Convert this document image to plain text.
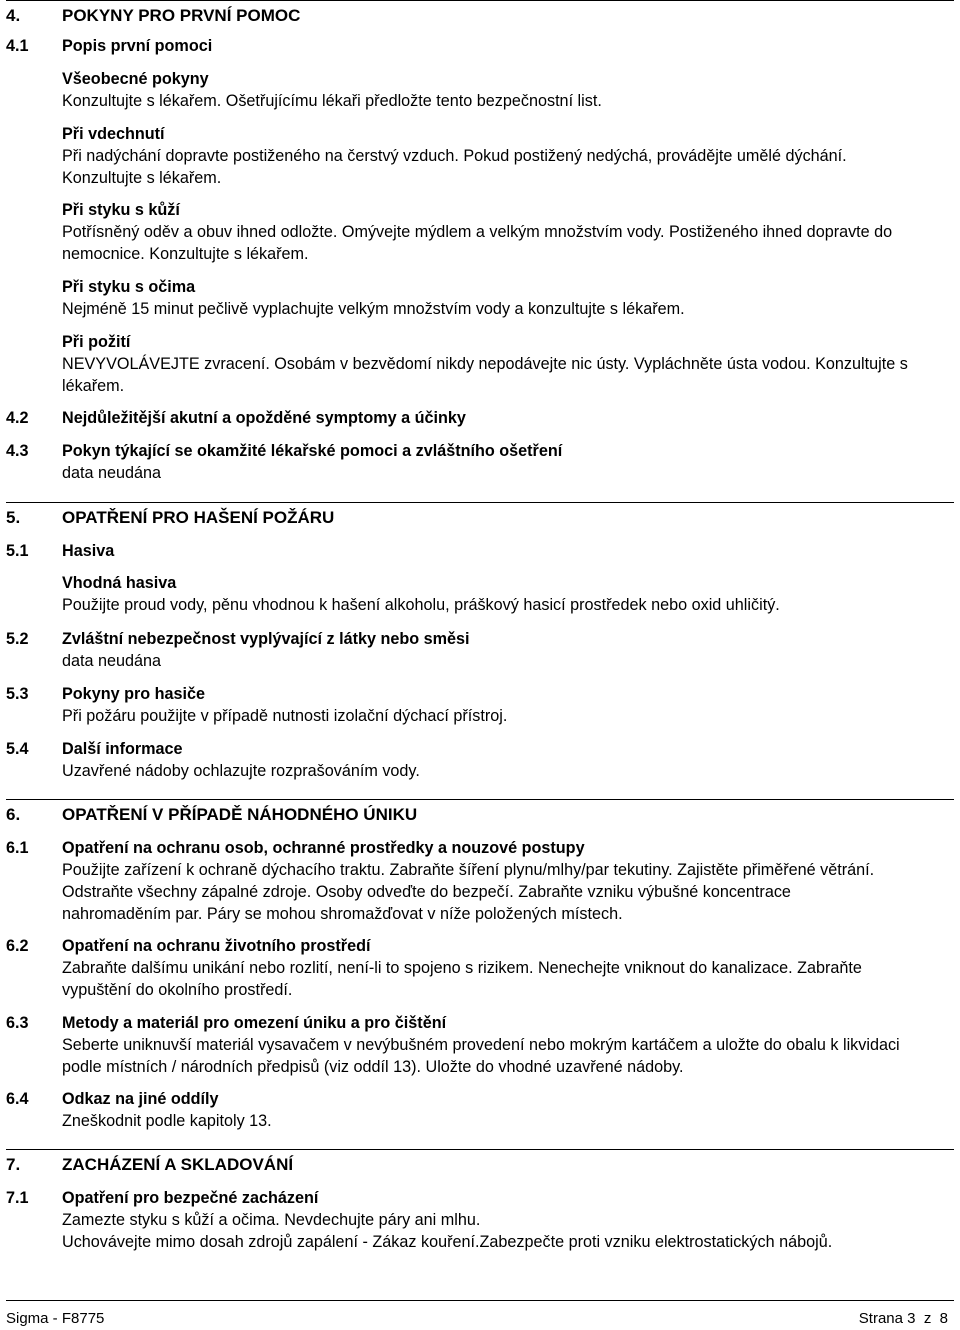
4. POKYNY PRO PRVNÍ POMOC
4.1 Popis první pomoci
Všeobecné pokyny
Konzultujte s lékařem. Ošetřujícímu lékaři předložte tento bezpečnostní list.
Při vdechnutí
Při nadýchání dopravte postiženého na čerstvý vzduch. Pokud postižený nedýchá, provádějte umělé dýchání. Konzultujte s lékařem.
Při styku s kůží
Potřísněný oděv a obuv ihned odložte. Omývejte mýdlem a velkým množstvím vody. Postiženého ihned dopravte do nemocnice. Konzultujte s lékařem.
Při styku s očima
Nejméně 15 minut pečlivě vyplachujte velkým množstvím vody a konzultujte s lékařem.
Při požití
NEVYVOLÁVEJTE zvracení. Osobám v bezvědomí nikdy nepodávejte nic ústy. Vypláchněte ústa vodou. Konzultujte s lékařem.
4.2 Nejdůležitější akutní a opožděné symptomy a účinky
4.3 Pokyn týkající se okamžité lékařské pomoci a zvláštního ošetření
data neudána
5. OPATŘENÍ PRO HAŠENÍ POŽÁRU
5.1 Hasiva
Vhodná hasiva
Použijte proud vody, pěnu vhodnou k hašení alkoholu, práškový hasicí prostředek nebo oxid uhličitý.
5.2 Zvláštní nebezpečnost vyplývající z látky nebo směsi
data neudána
5.3 Pokyny pro hasiče
Při požáru použijte v případě nutnosti izolační dýchací přístroj.
5.4 Další informace
Uzavřené nádoby ochlazujte rozprašováním vody.
6. OPATŘENÍ V PŘÍPADĚ NÁHODNÉHO ÚNIKU
6.1 Opatření na ochranu osob, ochranné prostředky a nouzové postupy
Použijte zařízení k ochraně dýchacího traktu. Zabraňte šíření plynu/mlhy/par tekutiny. Zajistěte přiměřené větrání. Odstraňte všechny zápalné zdroje. Osoby odveďte do bezpečí. Zabraňte vzniku výbušné koncentrace nahromaděním par. Páry se mohou shromažďovat v níže položených místech.
6.2 Opatření na ochranu životního prostředí
Zabraňte dalšímu unikání nebo rozlití, není-li to spojeno s rizikem. Nenechejte vniknout do kanalizace. Zabraňte vypuštění do okolního prostředí.
6.3 Metody a materiál pro omezení úniku a pro čištění
Seberte uniknuvší materiál vysavačem v nevýbušném provedení nebo mokrým kartáčem a uložte do obalu k likvidaci podle místních / národních předpisů (viz oddíl 13). Uložte do vhodné uzavřené nádoby.
6.4 Odkaz na jiné oddíly
Zneškodnit podle kapitoly 13.
7. ZACHÁZENÍ A SKLADOVÁNÍ
7.1 Opatření pro bezpečné zacházení
Zamezte styku s kůží a očima. Nevdechujte páry ani mlhu.
Uchovávejte mimo dosah zdrojů zapálení - Zákaz kouření.Zabezpečte proti vzniku elektrostatických nábojů.
Sigma - F8775	Strana 3  z  8
